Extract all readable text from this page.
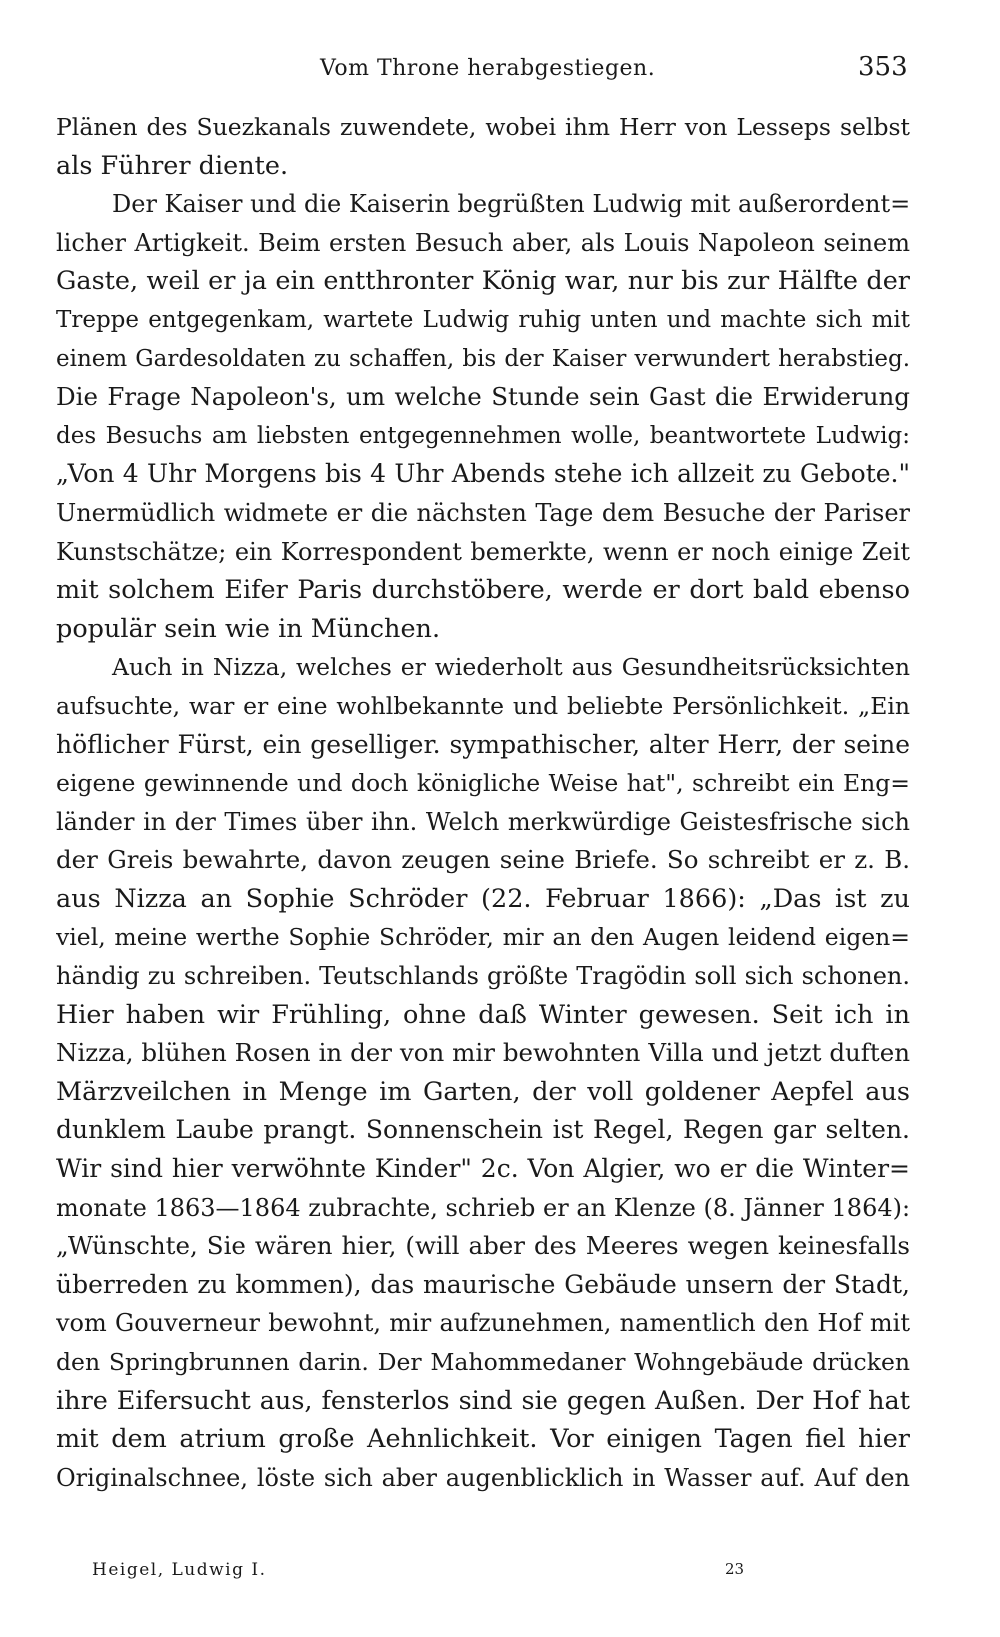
Vom Throne herabgestiegen.	353
Plänen des Suezkanals zuwendete, wobei ihm Herr von Lesseps selbst
als Führer diente.
Der Kaiser und die Kaiserin begrüßten Ludwig mit außerordent=
licher Artigkeit. Beim ersten Besuch aber, als Louis Napoleon seinem
Gaste, weil er ja ein entthronter König war, nur bis zur Hälfte der
Treppe entgegenkam, wartete Ludwig ruhig unten und machte sich mit
einem Gardesoldaten zu schaffen, bis der Kaiser verwundert herabstieg.
Die Frage Napoleon's, um welche Stunde sein Gast die Erwiderung
des Besuchs am liebsten entgegennehmen wolle, beantwortete Ludwig:
„Von 4 Uhr Morgens bis 4 Uhr Abends stehe ich allzeit zu Gebote."
Unermüdlich widmete er die nächsten Tage dem Besuche der Pariser
Kunstschätze; ein Korrespondent bemerkte, wenn er noch einige Zeit
mit solchem Eifer Paris durchstöbere, werde er dort bald ebenso
populär sein wie in München.
Auch in Nizza, welches er wiederholt aus Gesundheitsrücksichten
aufsuchte, war er eine wohlbekannte und beliebte Persönlichkeit. „Ein
höflicher Fürst, ein geselliger. sympathischer, alter Herr, der seine
eigene gewinnende und doch königliche Weise hat", schreibt ein Eng=
länder in der Times über ihn. Welch merkwürdige Geistesfrische sich
der Greis bewahrte, davon zeugen seine Briefe. So schreibt er z. B.
aus Nizza an Sophie Schröder (22. Februar 1866): „Das ist zu
viel, meine werthe Sophie Schröder, mir an den Augen leidend eigen=
händig zu schreiben. Teutschlands größte Tragödin soll sich schonen.
Hier haben wir Frühling, ohne daß Winter gewesen. Seit ich in
Nizza, blühen Rosen in der von mir bewohnten Villa und jetzt duften
Märzveilchen in Menge im Garten, der voll goldener Aepfel aus
dunklem Laube prangt. Sonnenschein ist Regel, Regen gar selten.
Wir sind hier verwöhnte Kinder" 2c. Von Algier, wo er die Winter=
monate 1863—1864 zubrachte, schrieb er an Klenze (8. Jänner 1864):
„Wünschte, Sie wären hier, (will aber des Meeres wegen keinesfalls
überreden zu kommen), das maurische Gebäude unsern der Stadt,
vom Gouverneur bewohnt, mir aufzunehmen, namentlich den Hof mit
den Springbrunnen darin. Der Mahommedaner Wohngebäude drücken
ihre Eifersucht aus, fensterlos sind sie gegen Außen. Der Hof hat
mit dem atrium große Aehnlichkeit. Vor einigen Tagen fiel hier
Originalschnee, löste sich aber augenblicklich in Wasser auf. Auf den
Heigel, Ludwig I.	23
